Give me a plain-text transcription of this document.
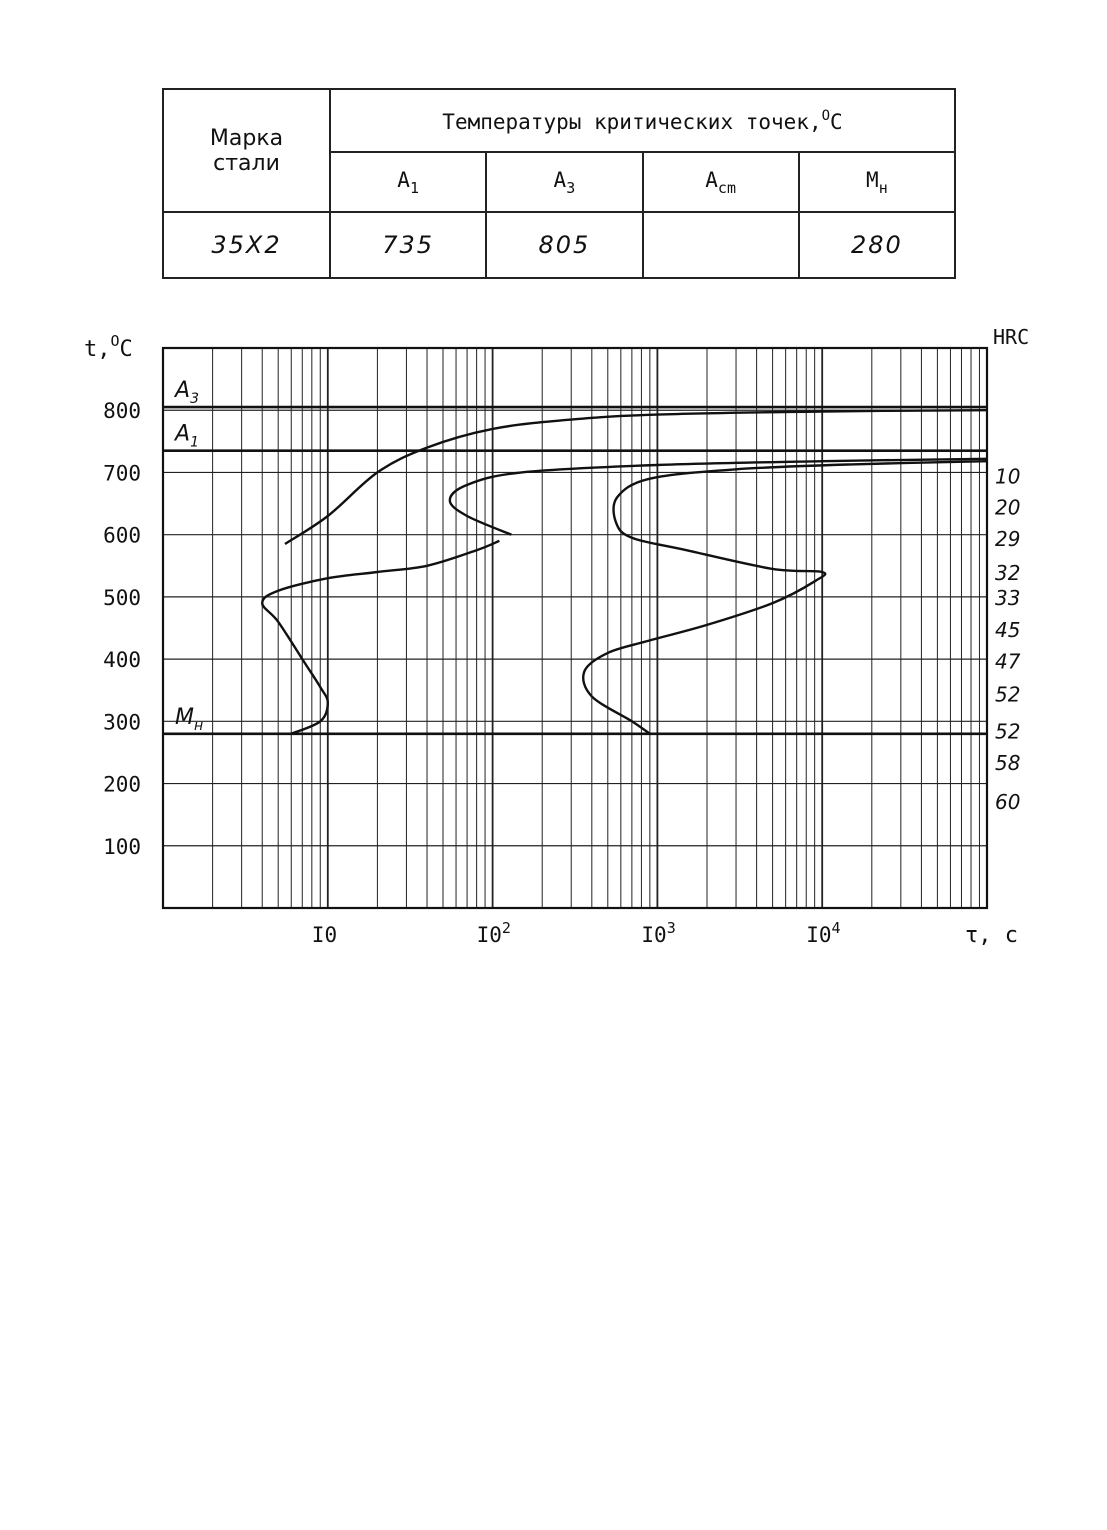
Марка
стали	Температуры критических точек,OC			
	A1	A3	Acm	Mн
35Х2	735	805		280
100
200
300
400
500
600
700
800
I0	$I0^2$	$I0^3$	$I0^4$
$A_3$
$A_1$
$M_н$
HRC
10
20
29
32
33
45
47
52
52
58
60
t,$^O$C
τ, с
